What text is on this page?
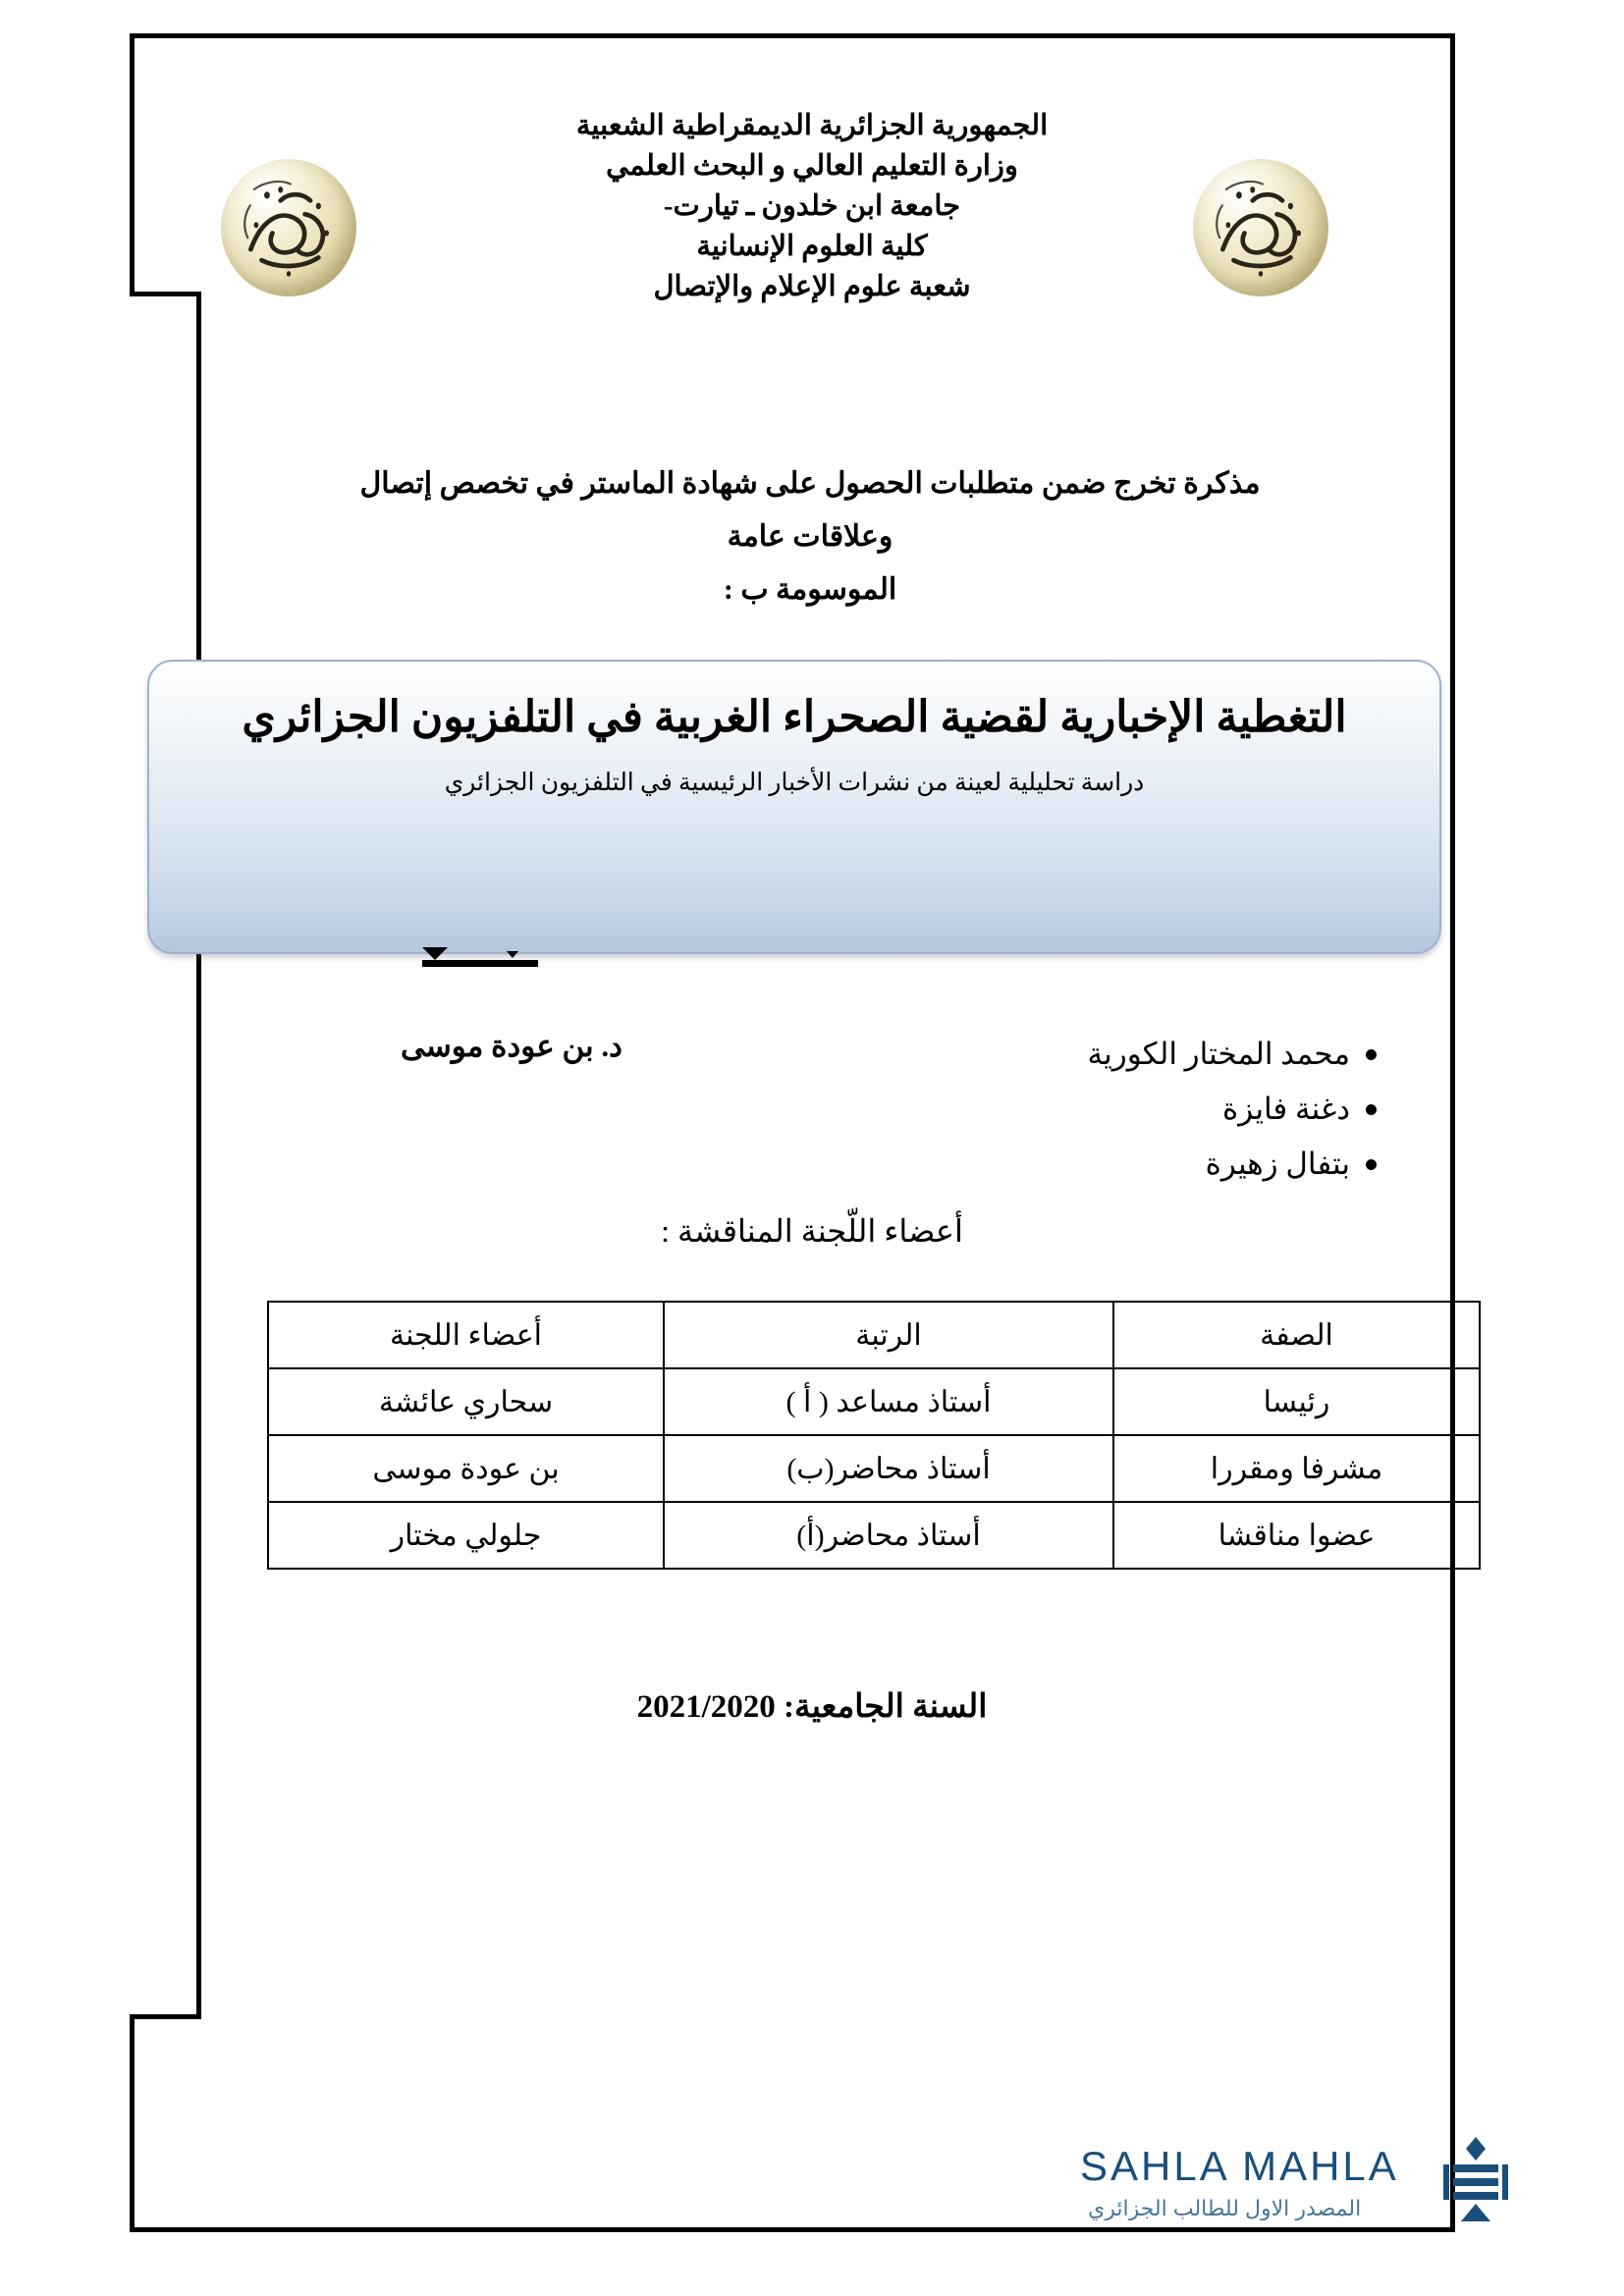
الجمهورية الجزائرية الديمقراطية الشعبية
وزارة التعليم العالي و البحث العلمي
جامعة ابن خلدون ـ تيارت-
كلية العلوم الإنسانية
شعبة علوم الإعلام والإتصال
مذكرة تخرج ضمن متطلبات الحصول على شهادة الماستر في تخصص إتصال
وعلاقات عامة
الموسومة ب :
التغطية الإخبارية لقضية الصحراء الغربية في التلفزيون الجزائري
دراسة تحليلية لعينة من نشرات الأخبار الرئيسية في التلفزيون الجزائري
محمد المختار الكورية
دغنة فايزة
بتفال زهيرة
د. بن عودة موسى
أعضاء اللّجنة المناقشة :
الصفة	الرتبة	أعضاء اللجنة
رئيسا	أستاذ مساعد ( أ )	سحاري عائشة
مشرفا ومقررا	أستاذ محاضر(ب)	بن عودة موسى
عضوا مناقشا	أستاذ محاضر(أ)	جلولي مختار
السنة الجامعية: 2021/2020
SAHLA MAHLA
المصدر الاول للطالب الجزائري
